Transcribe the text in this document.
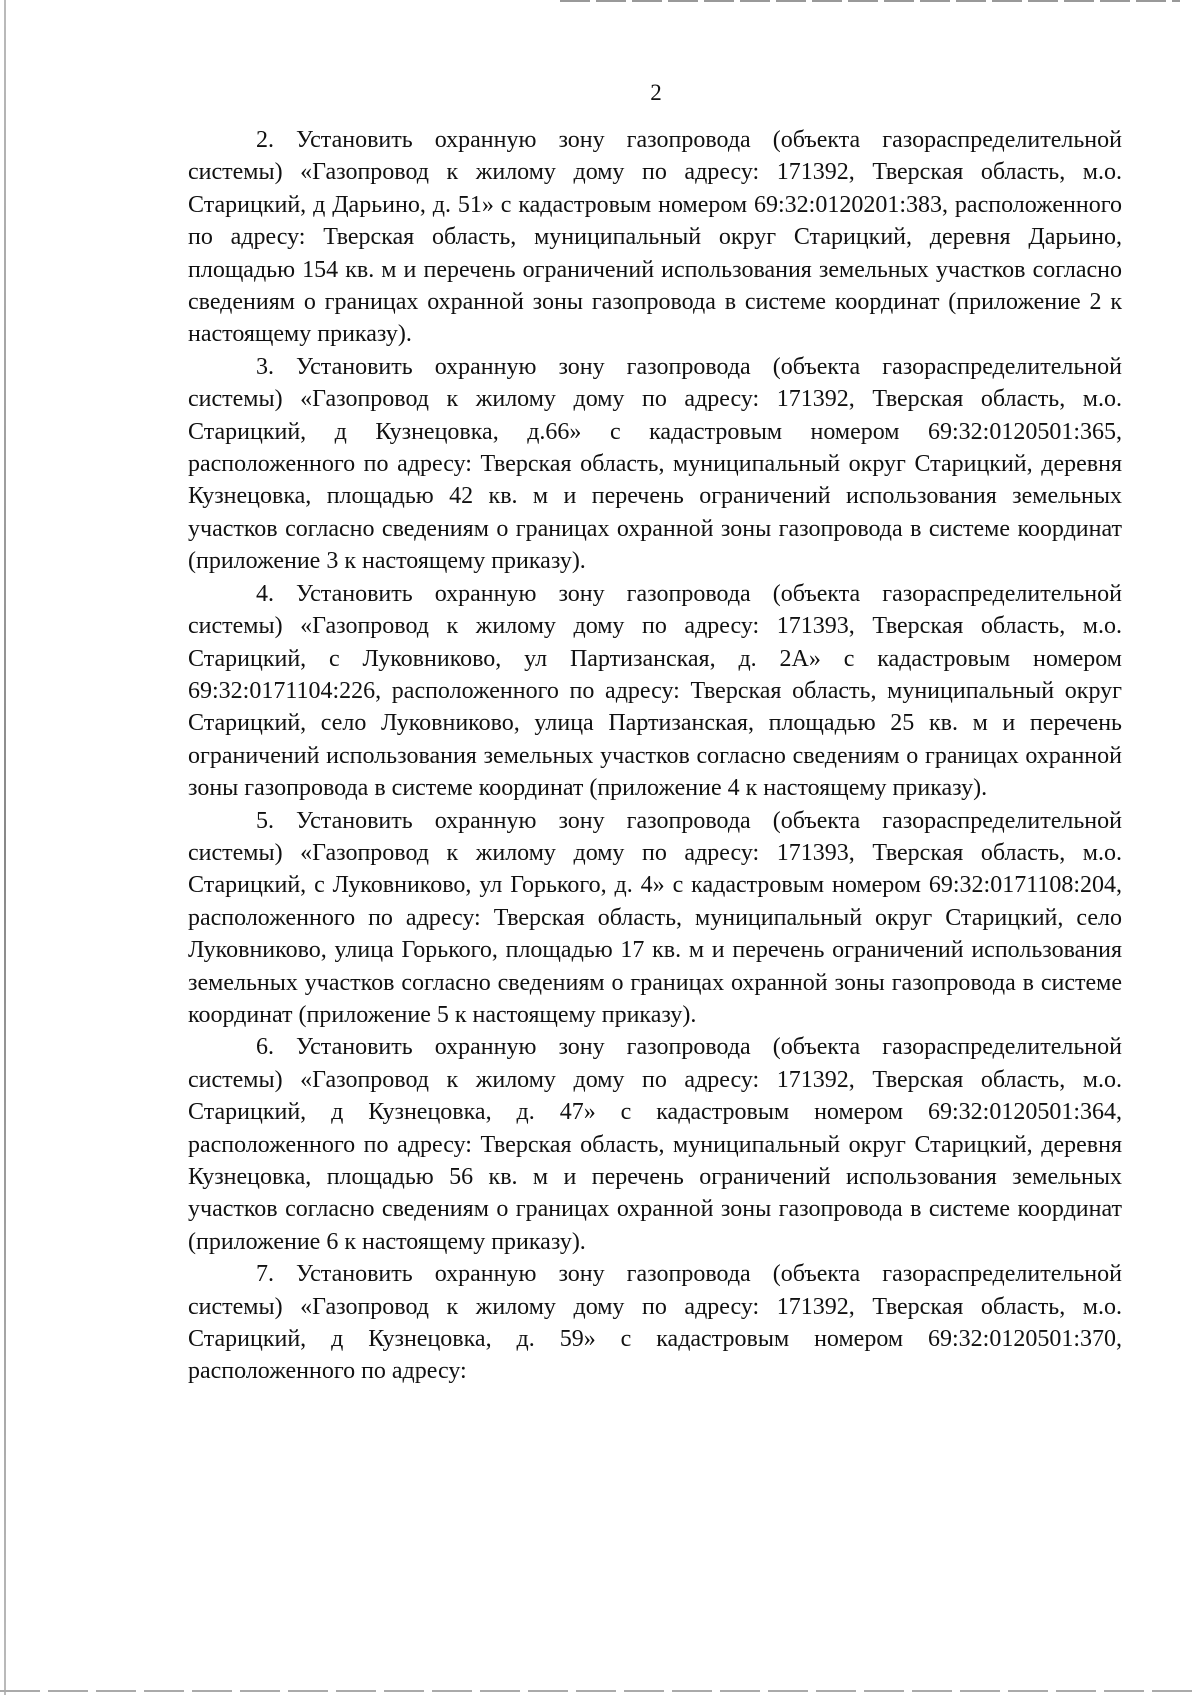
2

2. Установить охранную зону газопровода (объекта газораспределительной системы) «Газопровод к жилому дому по адресу: 171392, Тверская область, м.о. Старицкий, д Дарьино, д. 51» с кадастровым номером 69:32:0120201:383, расположенного по адресу: Тверская область, муниципальный округ Старицкий, деревня Дарьино, площадью 154 кв. м и перечень ограничений использования земельных участков согласно сведениям о границах охранной зоны газопровода в системе координат (приложение 2 к настоящему приказу).

3. Установить охранную зону газопровода (объекта газораспределительной системы) «Газопровод к жилому дому по адресу: 171392, Тверская область, м.о. Старицкий, д Кузнецовка, д.66» с кадастровым номером 69:32:0120501:365, расположенного по адресу: Тверская область, муниципальный округ Старицкий, деревня Кузнецовка, площадью 42 кв. м и перечень ограничений использования земельных участков согласно сведениям о границах охранной зоны газопровода в системе координат (приложение 3 к настоящему приказу).

4. Установить охранную зону газопровода (объекта газораспределительной системы) «Газопровод к жилому дому по адресу: 171393, Тверская область, м.о. Старицкий, с Луковниково, ул Партизанская, д. 2А» с кадастровым номером 69:32:0171104:226, расположенного по адресу: Тверская область, муниципальный округ Старицкий, село Луковниково, улица Партизанская, площадью 25 кв. м и перечень ограничений использования земельных участков согласно сведениям о границах охранной зоны газопровода в системе координат (приложение 4 к настоящему приказу).

5. Установить охранную зону газопровода (объекта газораспределительной системы) «Газопровод к жилому дому по адресу: 171393, Тверская область, м.о. Старицкий, с Луковниково, ул Горького, д. 4» с кадастровым номером 69:32:0171108:204, расположенного по адресу: Тверская область, муниципальный округ Старицкий, село Луковниково, улица Горького, площадью 17 кв. м и перечень ограничений использования земельных участков согласно сведениям о границах охранной зоны газопровода в системе координат (приложение 5 к настоящему приказу).

6. Установить охранную зону газопровода (объекта газораспределительной системы) «Газопровод к жилому дому по адресу: 171392, Тверская область, м.о. Старицкий, д Кузнецовка, д. 47» с кадастровым номером 69:32:0120501:364, расположенного по адресу: Тверская область, муниципальный округ Старицкий, деревня Кузнецовка, площадью 56 кв. м и перечень ограничений использования земельных участков согласно сведениям о границах охранной зоны газопровода в системе координат (приложение 6 к настоящему приказу).

7. Установить охранную зону газопровода (объекта газораспределительной системы) «Газопровод к жилому дому по адресу: 171392, Тверская область, м.о. Старицкий, д Кузнецовка, д. 59» с кадастровым номером 69:32:0120501:370, расположенного по адресу:
